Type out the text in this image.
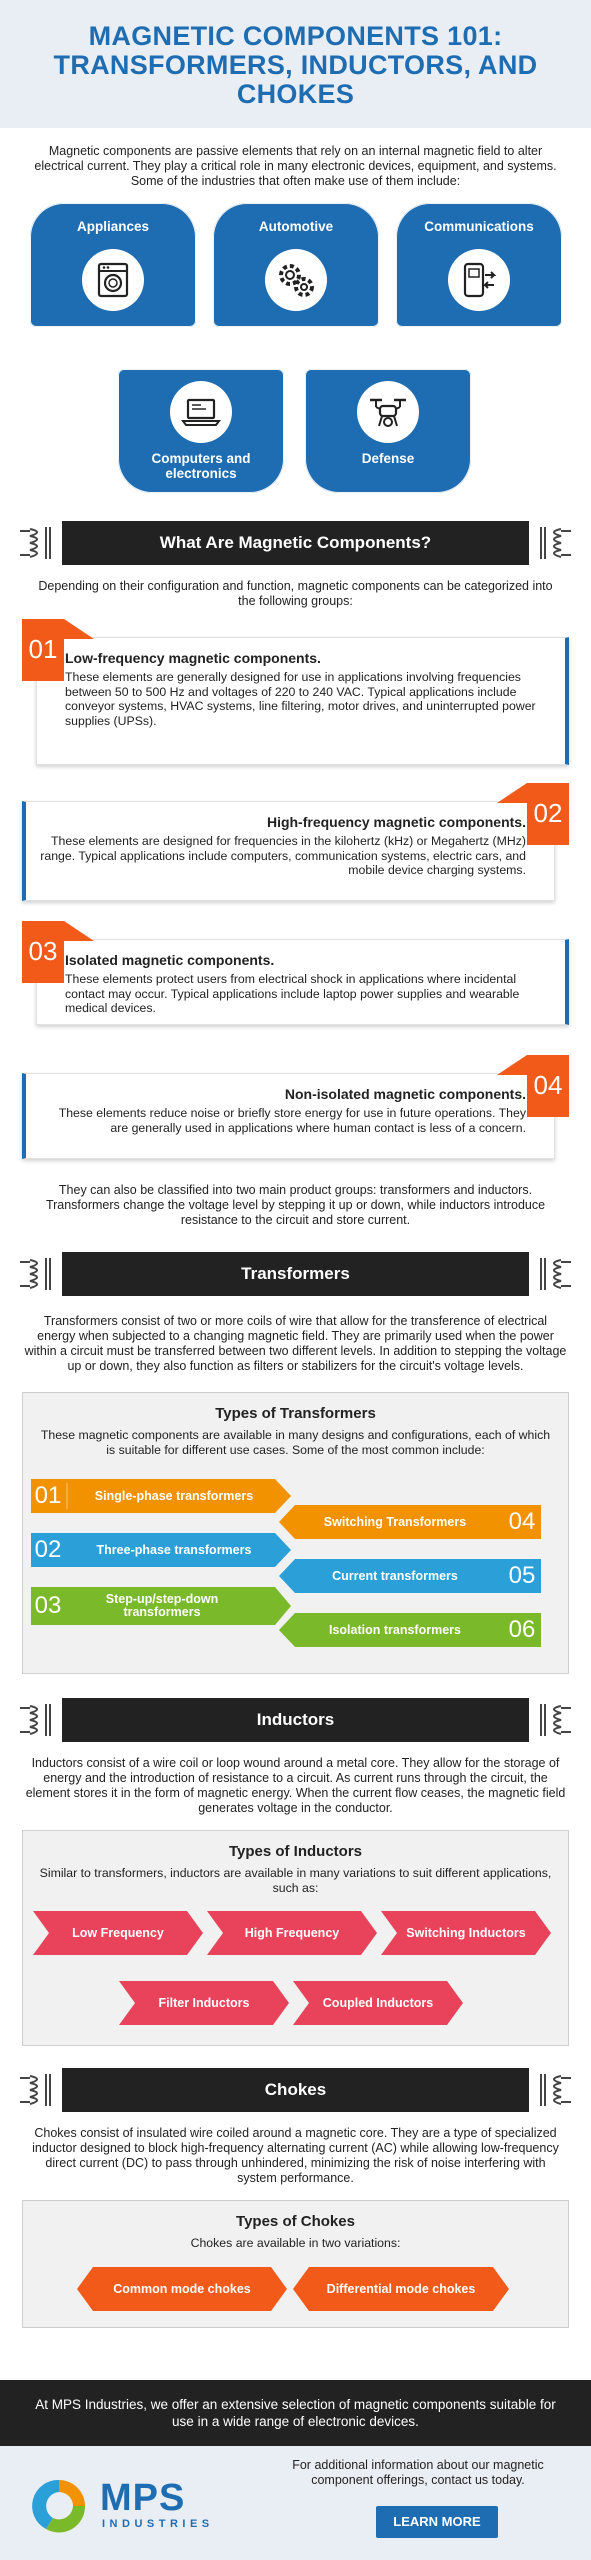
MAGNETIC COMPONENTS 101:
TRANSFORMERS, INDUCTORS, AND
CHOKES

Magnetic components are passive elements that rely on an internal magnetic field to alter electrical current. They play a critical role in many electronic devices, equipment, and systems. Some of the industries that often make use of them include:

Appliances	Automotive	Communications
Computers and electronics
Defense
What Are Magnetic Components?

Depending on their configuration and function, magnetic components can be categorized into the following groups:

Low-frequency magnetic components.

These elements are generally designed for use in applications involving frequencies between 50 to 500 Hz and voltages of 220 to 240 VAC. Typical applications include conveyor systems, HVAC systems, line filtering, motor drives, and uninterrupted power supplies (UPSs).

01
High-frequency magnetic components.

These elements are designed for frequencies in the kilohertz (kHz) or Megahertz (MHz) range. Typical applications include computers, communication systems, electric cars, and mobile device charging systems.

02
Isolated magnetic components.

These elements protect users from electrical shock in applications where incidental contact may occur. Typical applications include laptop power supplies and wearable medical devices.

03
Non-isolated magnetic components.

These elements reduce noise or briefly store energy for use in future operations. They are generally used in applications where human contact is less of a concern.

04

They can also be classified into two main product groups: transformers and inductors. Transformers change the voltage level by stepping it up or down, while inductors introduce resistance to the circuit and store current.

Transformers

Transformers consist of two or more coils of wire that allow for the transference of electrical energy when subjected to a changing magnetic field. They are primarily used when the power within a circuit must be transferred between two different levels. In addition to stepping the voltage up or down, they also function as filters or stabilizers for the circuit's voltage levels.

Types of Transformers

These magnetic components are available in many designs and configurations, each of which is suitable for different use cases. Some of the most common include:

01	Single-phase transformers
02	Three-phase transformers
03	Step-up/step-down transformers
Switching Transformers	04
Current transformers	05
Isolation transformers	06
Inductors

Inductors consist of a wire coil or loop wound around a metal core. They allow for the storage of energy and the introduction of resistance to a circuit. As current runs through the circuit, the element stores it in the form of magnetic energy. When the current flow ceases, the magnetic field generates voltage in the conductor.

Types of Inductors

Similar to transformers, inductors are available in many variations to suit different applications, such as:

Low Frequency	High Frequency	Switching Inductors
Filter Inductors	Coupled Inductors
Chokes

Chokes consist of insulated wire coiled around a magnetic core. They are a type of specialized inductor designed to block high-frequency alternating current (AC) while allowing low-frequency direct current (DC) to pass through unhindered, minimizing the risk of noise interfering with system performance.

Types of Chokes

Chokes are available in two variations:

Common mode chokes	Differential mode chokes

At MPS Industries, we offer an extensive selection of magnetic components suitable for use in a wide range of electronic devices.

MPS
INDUSTRIES

For additional information about our magnetic component offerings, contact us today.

LEARN MORE
